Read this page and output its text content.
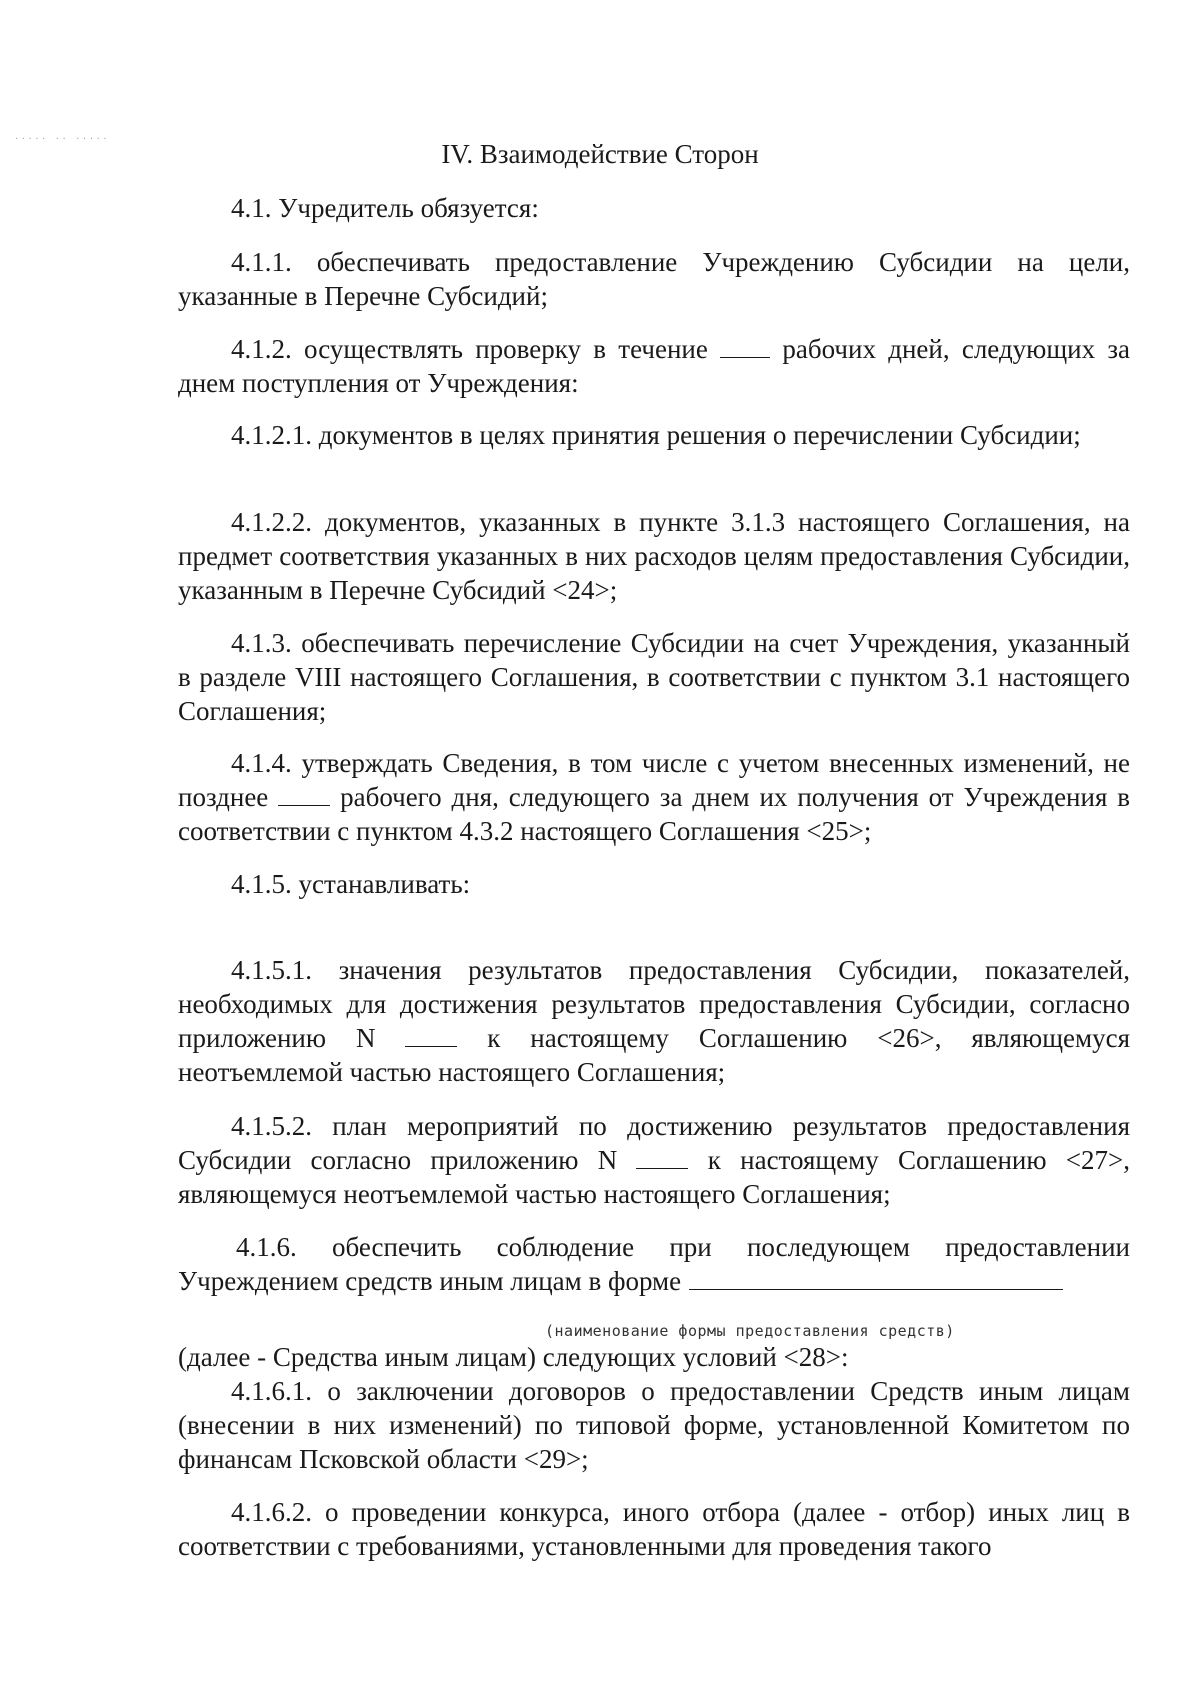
····· ·· ·····
IV. Взаимодействие Сторон
4.1. Учредитель обязуется:
4.1.1. обеспечивать предоставление Учреждению Субсидии на цели, указанные в Перечне Субсидий;
4.1.2. осуществлять проверку в течение	рабочих дней, следующих за днем поступления от Учреждения:
4.1.2.1. документов в целях принятия решения о перечислении Субсидии;
4.1.2.2. документов, указанных в пункте 3.1.3 настоящего Соглашения, на предмет соответствия указанных в них расходов целям предоставления Субсидии, указанным в Перечне Субсидий <24>;
4.1.3. обеспечивать перечисление Субсидии на счет Учреждения, указанный в разделе VIII настоящего Соглашения, в соответствии с пунктом 3.1 настоящего Соглашения;
4.1.4. утверждать Сведения, в том числе с учетом внесенных изменений, не позднее	рабочего дня, следующего за днем их получения от Учреждения в соответствии с пунктом 4.3.2 настоящего Соглашения <25>;
4.1.5. устанавливать:
4.1.5.1. значения результатов предоставления Субсидии, показателей, необходимых для достижения результатов предоставления Субсидии, согласно приложению N	к настоящему Соглашению <26>, являющемуся неотъемлемой частью настоящего Соглашения;
4.1.5.2. план мероприятий по достижению результатов предоставления Субсидии согласно приложению N	к настоящему Соглашению <27>, являющемуся неотъемлемой частью настоящего Соглашения;
4.1.6. обеспечить соблюдение при последующем предоставлении
Учреждением средств иным лицам в форме
(наименование формы предоставления средств)
(далее - Средства иным лицам) следующих условий <28>:
4.1.6.1. о заключении договоров о предоставлении Средств иным лицам (внесении в них изменений) по типовой форме, установленной Комитетом по финансам Псковской области <29>;
4.1.6.2. о проведении конкурса, иного отбора (далее - отбор) иных лиц в соответствии с требованиями, установленными для проведения такого
